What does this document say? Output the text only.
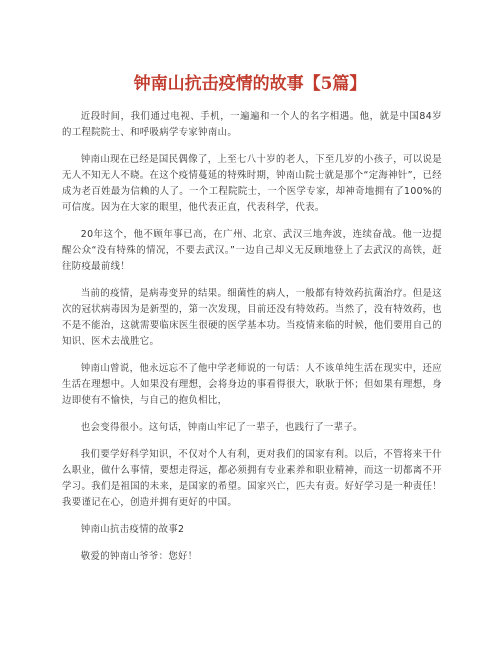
钟南山抗击疫情的故事【5篇】

近段时间，我们通过电视、手机，一遍遍和一个人的名字相遇。他，就是中国84岁的工程院院士、和呼吸病学专家钟南山。

钟南山现在已经是国民偶像了，上至七八十岁的老人，下至几岁的小孩子，可以说是无人不知无人不晓。在这个疫情蔓延的特殊时期，钟南山院士就是那个“定海神针”，已经成为老百姓最为信赖的人了。一个工程院院士，一个医学专家，却神奇地拥有了100%的可信度。因为在大家的眼里，他代表正直，代表科学，代表。

20年这个，他不顾年事已高，在广州、北京、武汉三地奔波，连续奋战。他一边提醒公众“没有特殊的情况，不要去武汉。”一边自己却义无反顾地登上了去武汉的高铁，赶往防疫最前线！

当前的疫情，是病毒变异的结果。细菌性的病人，一般都有特效药抗菌治疗。但是这次的冠状病毒因为是新型的，第一次发现，目前还没有特效药。当然了，没有特效药，也不是不能治，这就需要临床医生很硬的医学基本功。当疫情来临的时候，他们要用自己的知识、医术去战胜它。

钟南山曾说，他永远忘不了他中学老师说的一句话：人不该单纯生活在现实中，还应生活在理想中。人如果没有理想，会将身边的事看得很大，耿耿于怀；但如果有理想，身边即使有不愉快，与自己的抱负相比，

也会变得很小。这句话，钟南山牢记了一辈子，也践行了一辈子。

我们要学好科学知识，不仅对个人有利，更对我们的国家有利。以后，不管将来干什么职业，做什么事情，要想走得远，都必须拥有专业素养和职业精神，而这一切都离不开学习。我们是祖国的未来，是国家的希望。国家兴亡，匹夫有责。好好学习是一种责任！我要谨记在心，创造并拥有更好的中国。

钟南山抗击疫情的故事2

敬爱的钟南山爷爷：您好！
